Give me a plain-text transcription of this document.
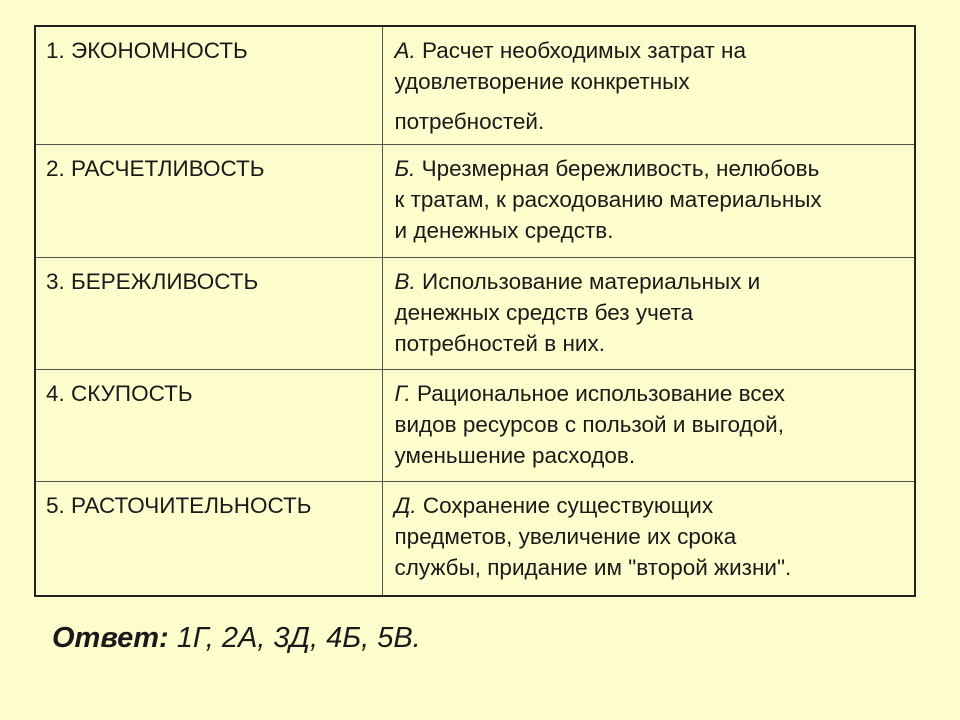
1. ЭКОНОМНОСТЬ	А. Расчет необходимых затрат на
удовлетворение конкретных
потребностей.

2. РАСЧЕТЛИВОСТЬ	Б. Чрезмерная бережливость, нелюбовь
к тратам, к расходованию материальных
и денежных средств.
3. БЕРЕЖЛИВОСТЬ	В. Использование материальных и
денежных средств без учета
потребностей в них.
4. СКУПОСТЬ	Г. Рациональное использование всех
видов ресурсов с пользой и выгодой,
уменьшение расходов.
5. РАСТОЧИТЕЛЬНОСТЬ	Д. Сохранение существующих
предметов, увеличение их срока
службы, придание им "второй жизни".
Ответ: 1Г, 2А, 3Д, 4Б, 5В.
